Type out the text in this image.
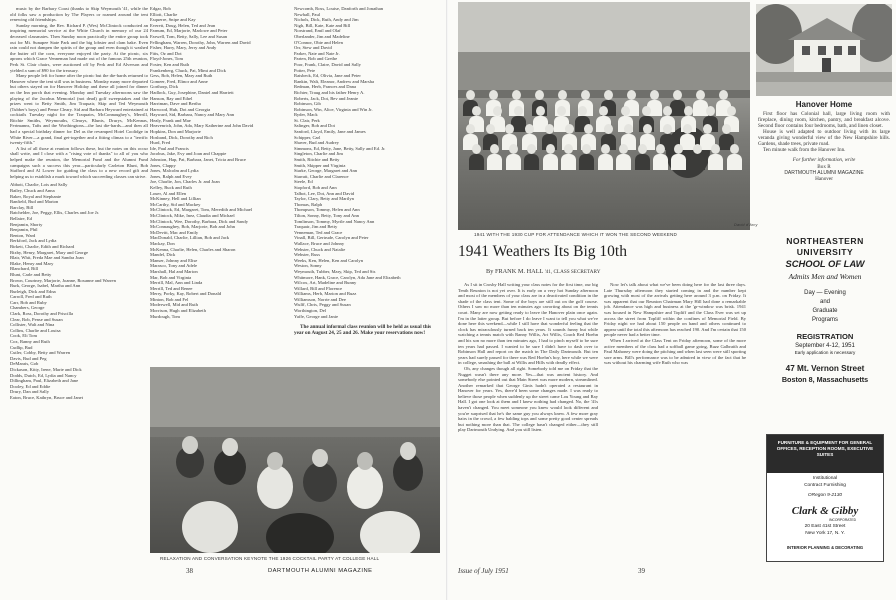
music by the Barbary Coast (thanks to Skip Weymouth '41, while the old folks saw a production by The Players or roamed around the tent renewing old friendships.

Sunday morning, the Rev. Richard P. (Wes) McClintock conducted an inspiring memorial service at the White Church in memory of our 24 deceased classmates. Then Sunday noon practically the entire group took out for Mt. Sunapee State Park and the big lobster and clam bake. Even rain could not dampen the spirits of the group and even though it washed the butter off the corn, everyone enjoyed the party. At the picnic, six aprons which Grace Venneman had made out of the famous 25th reunion, Perk St. Clair chairs, were auctioned off by Perk and Ed Alverson and yielded a sum of $90 for the treasury.

Many people left for home after the picnic but the die-hards returned to Hanover where the tent still was in business. Monday many more departed but others stayed on for Hanover Holiday and these all joined for dinner on the Inn porch that evening. Monday and Tuesday afternoons saw the playing of the Jacobus Memorial (not dead) golf sweepstakes and the prizes went to Betty Smith, Jim Traquair, Skip and Ted Weymouth (Tubber's boys) and Pense Cleary. Sid and Barbara Heyward entertained at cocktails Tuesday night for the Traquairs, McConnaughey's, Merrill, Ritchie Smiths, Weymouths, Clearys, Blunts, Drurys, McKennas, Fertmanns, Tafts and the Worthingtons—the last die-hards—and then all had a special birthday dinner for Del as the revamped Hotel Coolidge in White River—a grand, final get-together and a fitting climax to a "terrific twenty-fifth."

A list of all those at reunion follows these, but the notes on this occur shall write, and I close with a "rising vote of thanks" to all of you who helped make the reunion, the Memorial Fund and the Alumni Fund campaigns such a success this year—particularly Carleton Blunt, Bob Stafford and Al Lower for guiding the class to a new record gift and helping us to establish a mark toward which succeeding classes can strive.

Abbott, Charlie, Lois and Sally
Bailey, Chuck and Anna
Baker, Royal and Stephanie
Banfield, Bud and Marion
Barclay, Bill
Batchelder, Joe, Peggy, Ellis, Charles and Joe Jr.
Bellaire, Ed
Benjamin, Shorty
Benjamin, Phil
Benton, Ward
Berkford, Jack and Lydia
Birkett, Charlie, Edith and Richard
Bixby, Henry, Margaret, Mary and George
Blair, Whit, Freda Mae and Sandra Joan
Blake, Henry and Mary
Blanchard, Bill
Blunt, Carle and Betty
Brown, Courtney, Marjorie, Joanne, Roxanne and Warren
Burk, George, Isabel, Martha and Ann
Burleigh, Dick and Edna
Carroll, Fred and Ruth
Carr, Bob and Ruby
Chambers, George
Clark, Ross, Dorothy and Priscilla
Clear, Bob, Pense and Susan
Collister, Walt and Nina
Collins, Charlie and Louisa
Cook, Eli Tom
Cox, Ranny and Ruth
Cudlip, Bud
Cutler, Cobby, Betty and Warren
Davis, Bud and Peg
DeMarais, Gob
Dickason, Kitty, Irene, Marie and Dick
Dodds, Dutch, Ed, Lydia and Nancy
Dillingham, Paul, Elizabeth and Jane
Dooley, Ed and Eddie
Drury, Dan and Sally
Eaton, Bruce, Kathryn, Bruce and Janet
Edgar, Bob
Elliott, Charlie
Esquerre, Snipe and Kay
Everett, Doug, Helen, Ted and Jean
Farnum, Ed, Marjorie, Marlowe and Peter
Farwell, Tom, Betty, Sally, Lee and Susan
Fellingham, Warren, Dorothy, John, Warren and David
Fisher, Harry, Mary, Jerry and Andy
Fitts, Oz and Dot
Floyd-Jones, Tom
Foster, Ken and Ruth
Frankenberg, Chuck, Pat, Mimi and Dick
Gess, Bob, Helen, Mary and Ruth
Gomeer, Fred, Elinor and Anne
Gorthorp, Dick
Hadlock, Guy, Josephine, Daniel and Harriett
Hanson, Ray and Ethel
Harriman, Dave and Bertha
Harwood, Hub, Dot and Georgia
Hayward, Sid, Barbara, Nancy and Mary Ann
Healy, Frank and Mae
Heavenrich, John, Ada, Mary Katherine and John David
Hopkins, Don and Marjorie
Hosband, Dick, Dorothy and Rich
Hurd, Fred
Ide, Paul and Francis
Jacobus, Jake, Evy and Joan and Chappie
Johnston, Hap, Pat, Barbara, Janet, Tricia and Bruce
Jones, Clappy
Jones, Malcolm and Lydia
Jones, Ralph and Evey
Joe, Charlie, Jon, Charles Jr. and Joan
Kelley, Buck and Ruth
Louer, Al and Ellen
McKinney, Hell and Lillian
McCarthy, Sid and Mackey
McClintock, Ed, Margaret, Tom, Meredith and Michael
McClintock, Mike, Inez, Claudia and Michael
McClintock, Wee, Dorothy, Barbara, Dick and Sandy
McConnaughey, Bob, Marjorie, Bob and John
McDevitt, Mac and Emily
MacDonald, Charlie, Lillian, Bob and Jack
Mackay, Don
McKenna, Charlie, Helen, Charles and Sharon
Mandel, Dick
Manser, Johnny and Elise
Marasco, Tony and Adele
Marshall, Hal and Marion
Mar, Bob and Virginia
Merrill, Mal, Ann and Linda
Merrill, Ted and Renee
Merry, Porky, Kay, Robert and Donald
Minton, Bob and Fel
Moderwell, Mid and Ruth
Morrison, Hugh and Elizabeth
Murdough, Tom
Newcomb, Ross, Louise, Danforth and Jonathan
Newhall, Paul
Nichols, Dick, Ruth, Andy and Jim
Nigh, Bill, Kate, Kate and Bill
Norstrand, Emil and Olaf
Oberlander, Jim and Madeline
O'Connor, Obie and Helen
Orr, Stew and David
Parker, Nate and Nate Jr.
Parten, Bob and Grethe
Poor, Frank, Claire, David and Sally
Potter, Pete
Raisbeck, Ed, Olivia, Jane and Peter
Rankin, Walt, Eleanor, Andrew and Marsha
Redman, Herb, Frances and Dana
Richter, Traug and his father Henry A.
Roberts, Jack, Dot, Bev and Jeanie
Robinson, Gib
Robinson, Win, Alice, Virginia and Win Jr.
Ryder, Mack
St. Clair, Perk
Salinger, Bob and Dot
Sanford, Lloyd, Emily, Jane and James
Schipper, Carl
Shaver, Bud and Audrey
Simmons, Ed, Betty, Jane, Betty, Sally and Ed. Jr.
Singleton, Charlie and Jim
Smith, Ritchie and Betty
Smith, Skipper and Virginia
Starke, George, Margaret and Ann
Starratt, Charlie and Clarence
Steele, Ed
Stopford, Bob and Ann
Talbot, Lee, Dot, Ann and David
Taylor, Clary, Betty and Marilyn
Thomas, Ralph
Thompson, Tommy, Helen and Ann
Tilton, Sonny, Betty, Tony and Ann
Tomlinson, Tommy, Myrtle and Nancy Ann
Traquair, Jim and Betty
Venneman, Ted and Grace
Vinall, Bill, Gertrude, Carolyn and Peter
Wallace, Bruce and Johnny
Webster, Chuck and Natalie
Webster, Russ
Weeks, Ken, Helen, Ken and Carolyn
Weston, Sonny
Weymouth, Tubber, Mary, Skip, Ted and Sis
Whitmore, Hank, Grace, Carolyn, Ada Jane and Elizabeth
Wilcox, Art, Madeline and Bunny
Willard, Bill and Florence
Williams, Herb, Marion and Buzz
Williamson, Norrie and Dee
Wulff, Chris, Peggy and Susan
Worthington, Del
Yaffe, George and Janie
The annual informal class reunion will be held as usual this year on August 24, 25 and 26. Make your reservations now!
RELAXATION AND CONVERSATION KEYNOTE THE 1926 COCKTAIL PARTY AT COLLEGE HALL
38	DARTMOUTH ALUMNI MAGAZINE
David d'Arcy
1941 WITH THE 1930 CUP FOR ATTENDANCE WHICH IT WON THE SECOND WEEKEND
1941 Weathers Its Big 10th
By FRANK M. HALL '41, CLASS SECRETARY

As I sit in Crosby Hall writing your class notes for the first time, our big Tenth Reunion is not yet over. It is early on a very hot Sunday afternoon and most of the members of your class are in a deactivated condition in the shade of the class tent. Some of the boys are still out on the golf course. Others I saw no more than ten minutes ago cavorting about on the tennis court. Many are now getting ready to leave the Hanover plain once again. I'm in the latter group. But before I do leave I want to tell you what we've done here this weekend—while I still have that wonderful feeling that the clock has miraculously turned back ten years. It sounds funny but while watching a tennis match with Ranny Willis, Art Willis, Coach Red Hoehn and his son no more than ten minutes ago, I had to pinch myself to be sure ten years had passed. I wanted to be sure I didn't have to dash over to Robinson Hall and report on the match in The Daily Dartmouth. But ten years had surely passed for there was Red Hoehn's boy, here while we were in college, smashing the ball at Willis and Hills with deadly effect.

Oh, any changes though all right. Somebody told me on Friday that the Nugget wasn't there any more. Yes—that was ancient history. And somebody else pointed out that Main Street was more modern, streamlined. Another remarked that George Ginis hadn't operated a restaurant in Hanover for years. Yes, there'd been some changes made. I was ready to believe those people when suddenly up the street came Lou Young and Ray Hall. I got one look at them and I knew nothing had changed. No, the '41s haven't changed. You meet someone you knew would look different and you're surprised that he's the same guy you always knew. A few more gray hairs in the crowd, a few balding tops and some pretty good center spreads but nothing more than that. The college hasn't changed either—they still play Dartmouth Undying. And you still listen.

Now let's talk about what we've been doing here for the last three days. Late Thursday afternoon they started coming in and the number kept growing with most of the arrivals getting here around 3 p.m. on Friday. It was apparent that our Reunion Chairman Mary Hill had done a remarkable job. Attendance was high and business at the 'gr-window was brisk. 1941 was housed in New Hampshire and Topliff and the Class Ever was set up across the street from Topliff within the confines of Memorial Field. By Friday night we had about 150 people on hand and others continued to appear until the total this afternoon has reached 190. And I'm certain that 150 people never had a better time.

When I arrived at the Class Tent on Friday afternoon, some of the more active members of the class had a softball game going, Buzz Galbraith and Paul Mahoney were doing the pitching and when last seen were still sporting sore arms. Bill's performance was to be admired in view of the fact that he was without his charming wife Ruth who was

Hanover Home

First floor has Colonial hall, large living room with fireplace, dining room, kitchen, pantry, and breakfast alcove. Second floor contains four bedrooms, bath, and linen closet.

House is well adapted to outdoor living with its large veranda giving wonderful view of the New Hampshire hills. Gardens, shade trees, private road.

Ten minute walk from the Hanover Inn.

For further information, write
Box R
DARTMOUTH ALUMNI MAGAZINE
Hanover
NORTHEASTERN
UNIVERSITY
SCHOOL OF LAW
Admits Men and Women
Day — Evening
and
Graduate
Programs
REGISTRATION
September 4-12, 1951
Early application is necessary
47 Mt. Vernon Street
Boston 8, Massachusetts
FURNITURE & EQUIPMENT FOR GENERAL OFFICES, RECEPTION ROOMS, EXECUTIVE SUITES
Institutional
Contract Furnishing
ORegon 9-2130
Clark & Gibby
INCORPORATED
20 East 41st Street
New York 17, N. Y.
INTERIOR PLANNING & DECORATING
Issue of July 1951	39
